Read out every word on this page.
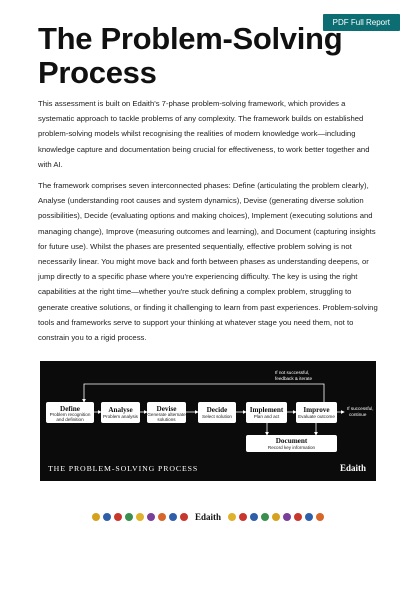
PDF Full Report
The Problem-Solving Process

This assessment is built on Edaith's 7-phase problem-solving framework, which provides a systematic approach to tackle problems of any complexity. The framework builds on established problem-solving models whilst recognising the realities of modern knowledge work—including knowledge capture and documentation being crucial for effectiveness, to work better together and with AI.

The framework comprises seven interconnected phases: Define (articulating the problem clearly), Analyse (understanding root causes and system dynamics), Devise (generating diverse solution possibilities), Decide (evaluating options and making choices), Implement (executing solutions and managing change), Improve (measuring outcomes and learning), and Document (capturing insights for future use). Whilst the phases are presented sequentially, effective problem solving is not necessarily linear. You might move back and forth between phases as understanding deepens, or jump directly to a specific phase where you're experiencing difficulty. The key is using the right capabilities at the right time—whether you're stuck defining a complex problem, struggling to generate creative solutions, or finding it challenging to learn from past experiences. Problem-solving tools and frameworks serve to support your thinking at whatever stage you need them, not to constrain you to a rigid process.

If not successful,
feedback & iterate
Define
Problem recognition
and definition
Analyse
Problem analysis
Devise
Generate alternate
solutions
Decide
Select solution
Implement
Plan and act
Improve
Evaluate outcome
If successful,
continue
Document
Record key information
THE PROBLEM-SOLVING PROCESS	Edaith
Edaith
